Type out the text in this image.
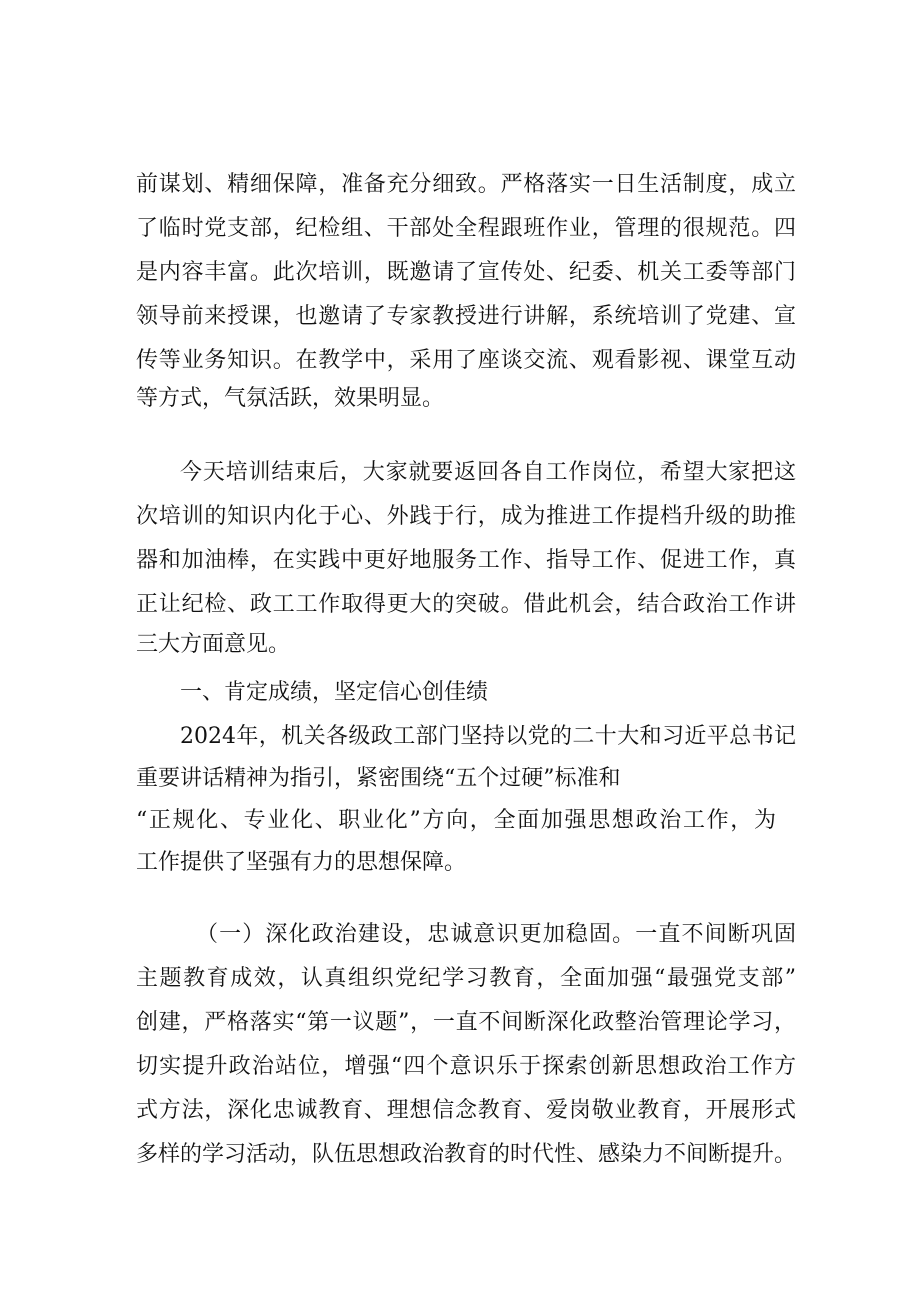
前谋划、精细保障，准备充分细致。严格落实一日生活制度，成立
了临时党支部，纪检组、干部处全程跟班作业，管理的很规范。四
是内容丰富。此次培训，既邀请了宣传处、纪委、机关工委等部门
领导前来授课，也邀请了专家教授进行讲解，系统培训了党建、宣
传等业务知识。在教学中，采用了座谈交流、观看影视、课堂互动
等方式，气氛活跃，效果明显。
今天培训结束后，大家就要返回各自工作岗位，希望大家把这
次培训的知识内化于心、外践于行，成为推进工作提档升级的助推
器和加油棒，在实践中更好地服务工作、指导工作、促进工作，真
正让纪检、政工工作取得更大的突破。借此机会，结合政治工作讲
三大方面意见。
一、肯定成绩，坚定信心创佳绩
2024年，机关各级政工部门坚持以党的二十大和习近平总书记
重要讲话精神为指引，紧密围绕“五个过硬”标准和
“正规化、专业化、职业化”方向，全面加强思想政治工作，为
工作提供了坚强有力的思想保障。
（一）深化政治建设，忠诚意识更加稳固。一直不间断巩固
主题教育成效，认真组织党纪学习教育，全面加强“最强党支部”
创建，严格落实“第一议题”，一直不间断深化政整治管理论学习，
切实提升政治站位，增强“四个意识乐于探索创新思想政治工作方
式方法，深化忠诚教育、理想信念教育、爱岗敬业教育，开展形式
多样的学习活动，队伍思想政治教育的时代性、感染力不间断提升。
